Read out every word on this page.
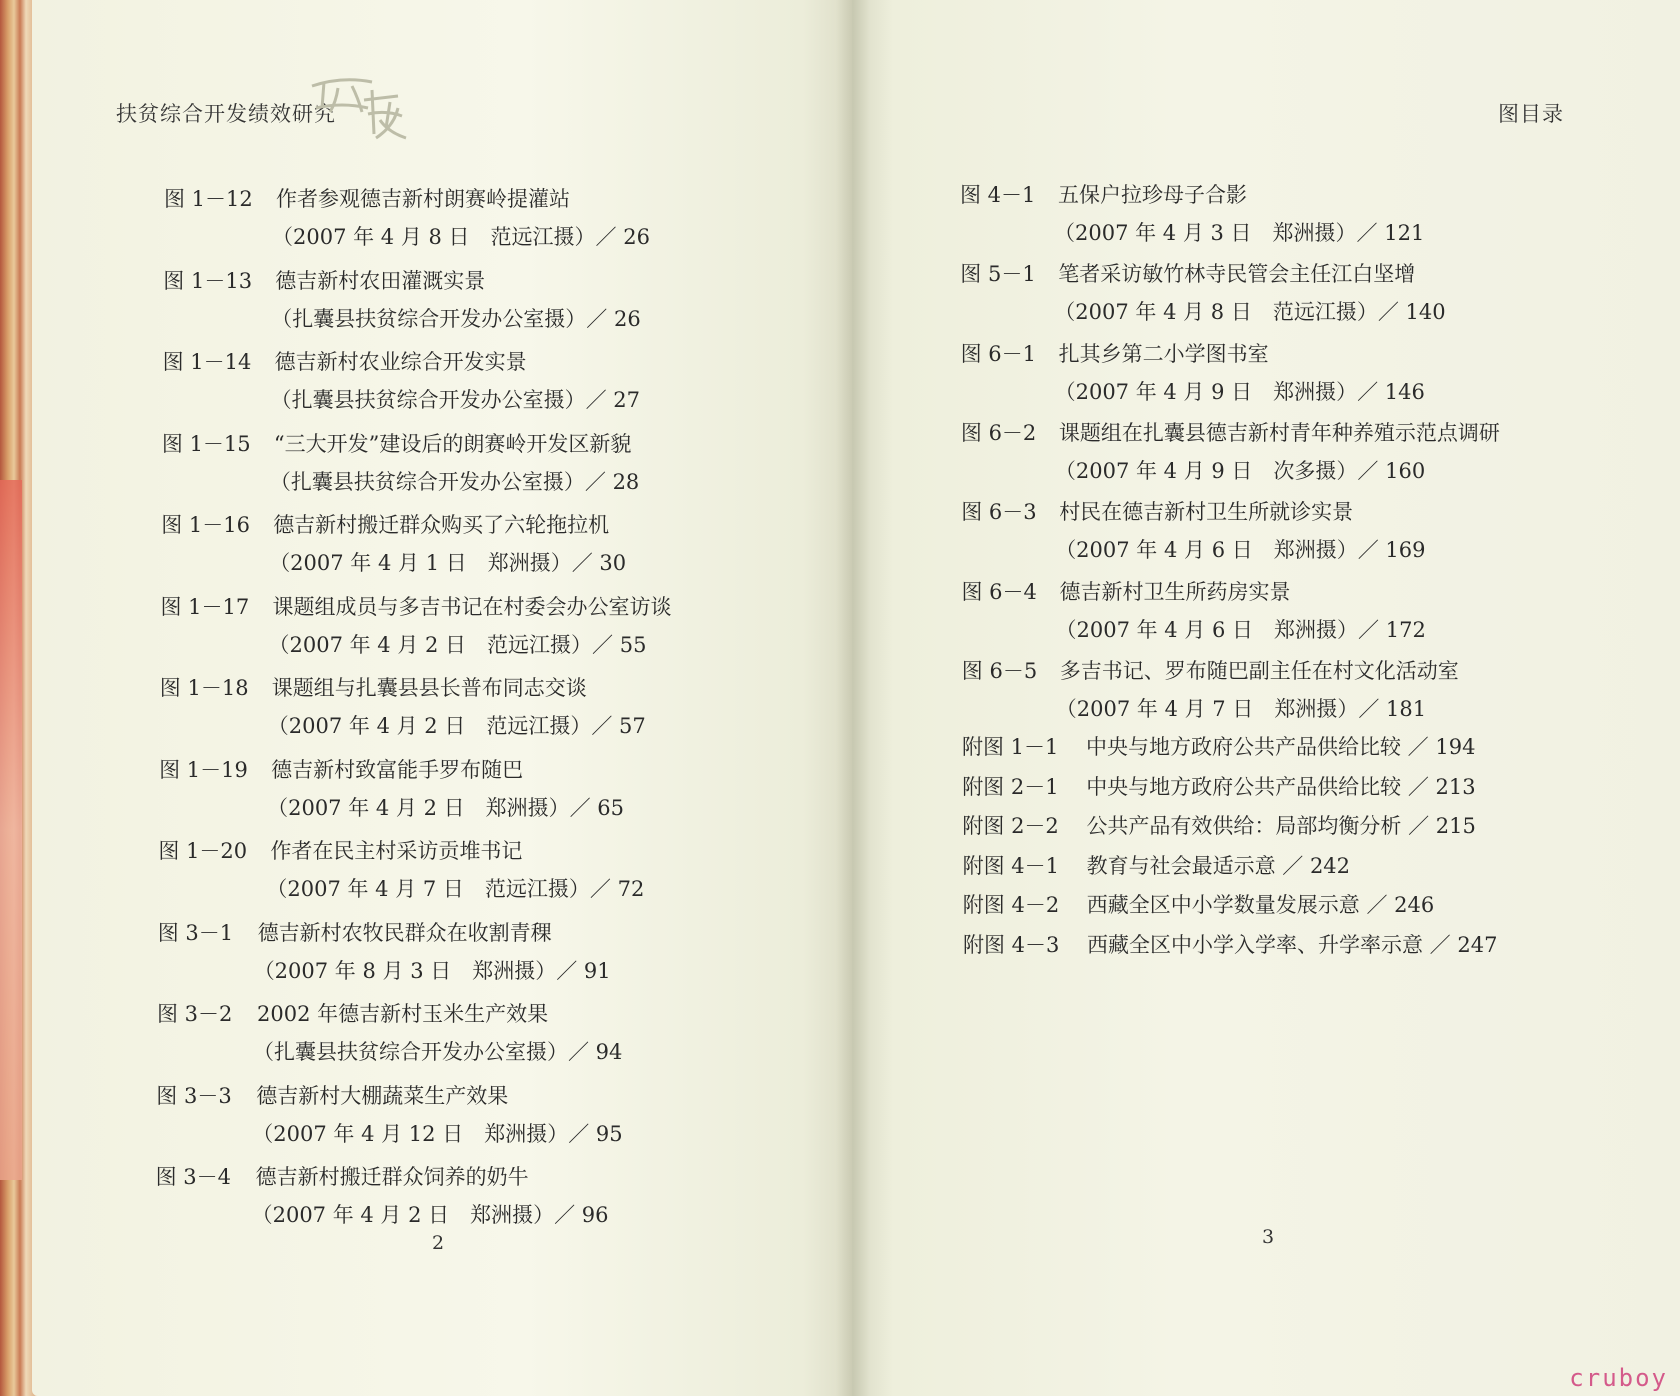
扶贫综合开发绩效研究
图 1－12 作者参观德吉新村朗赛岭提灌站
（2007 年 4 月 8 日　范远江摄）／ 26
图 1－13 德吉新村农田灌溉实景
（扎囊县扶贫综合开发办公室摄）／ 26
图 1－14 德吉新村农业综合开发实景
（扎囊县扶贫综合开发办公室摄）／ 27
图 1－15 “三大开发”建设后的朗赛岭开发区新貌
（扎囊县扶贫综合开发办公室摄）／ 28
图 1－16 德吉新村搬迁群众购买了六轮拖拉机
（2007 年 4 月 1 日　郑洲摄）／ 30
图 1－17 课题组成员与多吉书记在村委会办公室访谈
（2007 年 4 月 2 日　范远江摄）／ 55
图 1－18 课题组与扎囊县县长普布同志交谈
（2007 年 4 月 2 日　范远江摄）／ 57
图 1－19 德吉新村致富能手罗布随巴
（2007 年 4 月 2 日　郑洲摄）／ 65
图 1－20 作者在民主村采访贡堆书记
（2007 年 4 月 7 日　范远江摄）／ 72
图 3－1 德吉新村农牧民群众在收割青稞
（2007 年 8 月 3 日　郑洲摄）／ 91
图 3－2 2002 年德吉新村玉米生产效果
（扎囊县扶贫综合开发办公室摄）／ 94
图 3－3 德吉新村大棚蔬菜生产效果
（2007 年 4 月 12 日　郑洲摄）／ 95
图 3－4 德吉新村搬迁群众饲养的奶牛
（2007 年 4 月 2 日　郑洲摄）／ 96
2
图目录
图 4－1 五保户拉珍母子合影
（2007 年 4 月 3 日　郑洲摄）／ 121
图 5－1 笔者采访敏竹林寺民管会主任江白坚增
（2007 年 4 月 8 日　范远江摄）／ 140
图 6－1 扎其乡第二小学图书室
（2007 年 4 月 9 日　郑洲摄）／ 146
图 6－2 课题组在扎囊县德吉新村青年种养殖示范点调研
（2007 年 4 月 9 日　次多摄）／ 160
图 6－3 村民在德吉新村卫生所就诊实景
（2007 年 4 月 6 日　郑洲摄）／ 169
图 6－4 德吉新村卫生所药房实景
（2007 年 4 月 6 日　郑洲摄）／ 172
图 6－5 多吉书记、罗布随巴副主任在村文化活动室
（2007 年 4 月 7 日　郑洲摄）／ 181
附图 1－1 中央与地方政府公共产品供给比较 ／ 194
附图 2－1 中央与地方政府公共产品供给比较 ／ 213
附图 2－2 公共产品有效供给：局部均衡分析 ／ 215
附图 4－1 教育与社会最适示意 ／ 242
附图 4－2 西藏全区中小学数量发展示意 ／ 246
附图 4－3 西藏全区中小学入学率、升学率示意 ／ 247
3
cruboy
